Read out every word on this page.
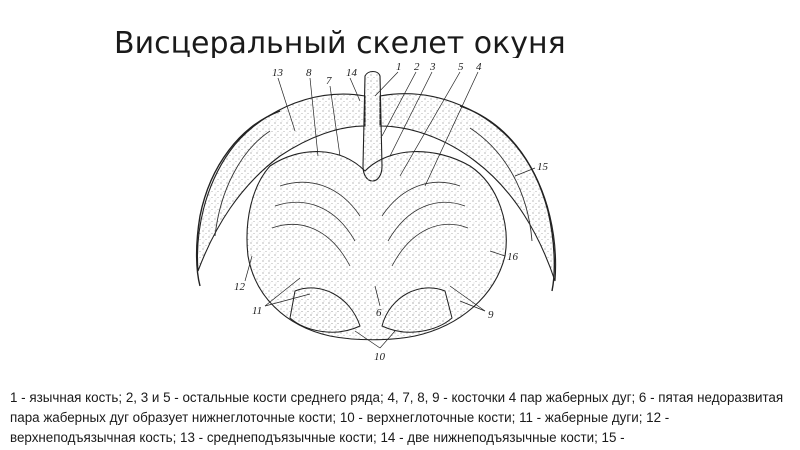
Висцеральный скелет окуня
13 8
7
14	1 2 3 5 4
15
16
12
11	6	9
10
1 - язычная кость; 2, 3 и 5 - остальные кости среднего ряда; 4, 7, 8, 9 - косточки 4 пар жаберных дуг; 6 - пятая недоразвитая пара жаберных дуг образует нижнеглоточные кости; 10 - верхнеглоточные кости; 11 - жаберные дуги; 12 - верхнеподъязычная кость; 13 - среднеподъязычные кости; 14 - две нижнеподъязычные кости; 15 -
